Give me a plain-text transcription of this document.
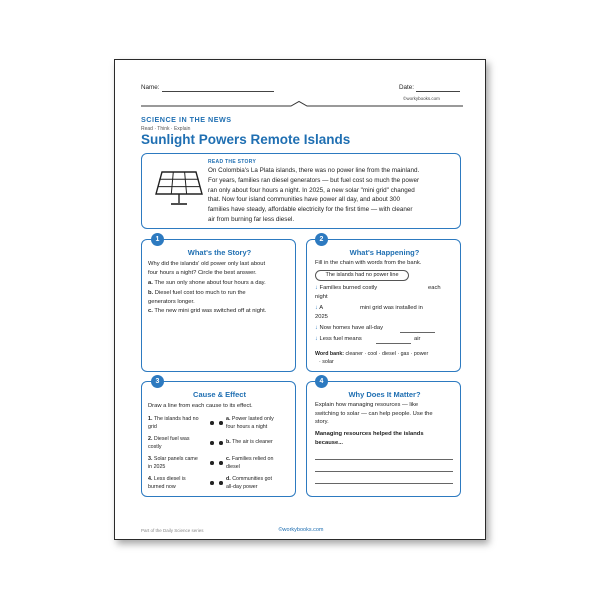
Name:	Date:
©workybooks.com
SCIENCE IN THE NEWS
Read · Think · Explain
Sunlight Powers Remote Islands
READ THE STORY
On Colombia's La Plata islands, there was no power line from the mainland.
For years, families ran diesel generators — but fuel cost so much the power
ran only about four hours a night. In 2025, a new solar "mini grid" changed
that. Now four island communities have power all day, and about 300
families have steady, affordable electricity for the first time — with cleaner
air from burning far less diesel.
What's the Story?
Why did the islands' old power only last about
four hours a night? Circle the best answer.
a. The sun only shone about four hours a day.
b. Diesel fuel cost too much to run the
generators longer.
c. The new mini grid was switched off at night.
1
What's Happening?
Fill in the chain with words from the bank.
The islands had no power line
↓ Families burned costly	each
night
↓ A	mini grid was installed in
2025
↓ Now homes have all-day
↓ Less fuel means	air
Word bank: cleaner · cool · diesel · gas · power
· solar
2
Cause & Effect
Draw a line from each cause to its effect.
1. The islands had no
grid
2. Diesel fuel was
costly
3. Solar panels came
in 2025
4. Less diesel is
burned now
a. Power lasted only
four hours a night
b. The air is cleaner
c. Families relied on
diesel
d. Communities got
all-day power
3
Why Does It Matter?
Explain how managing resources — like
switching to solar — can help people. Use the
story.
Managing resources helped the islands
because...
4
Part of the Daily Science series	©workybooks.com
